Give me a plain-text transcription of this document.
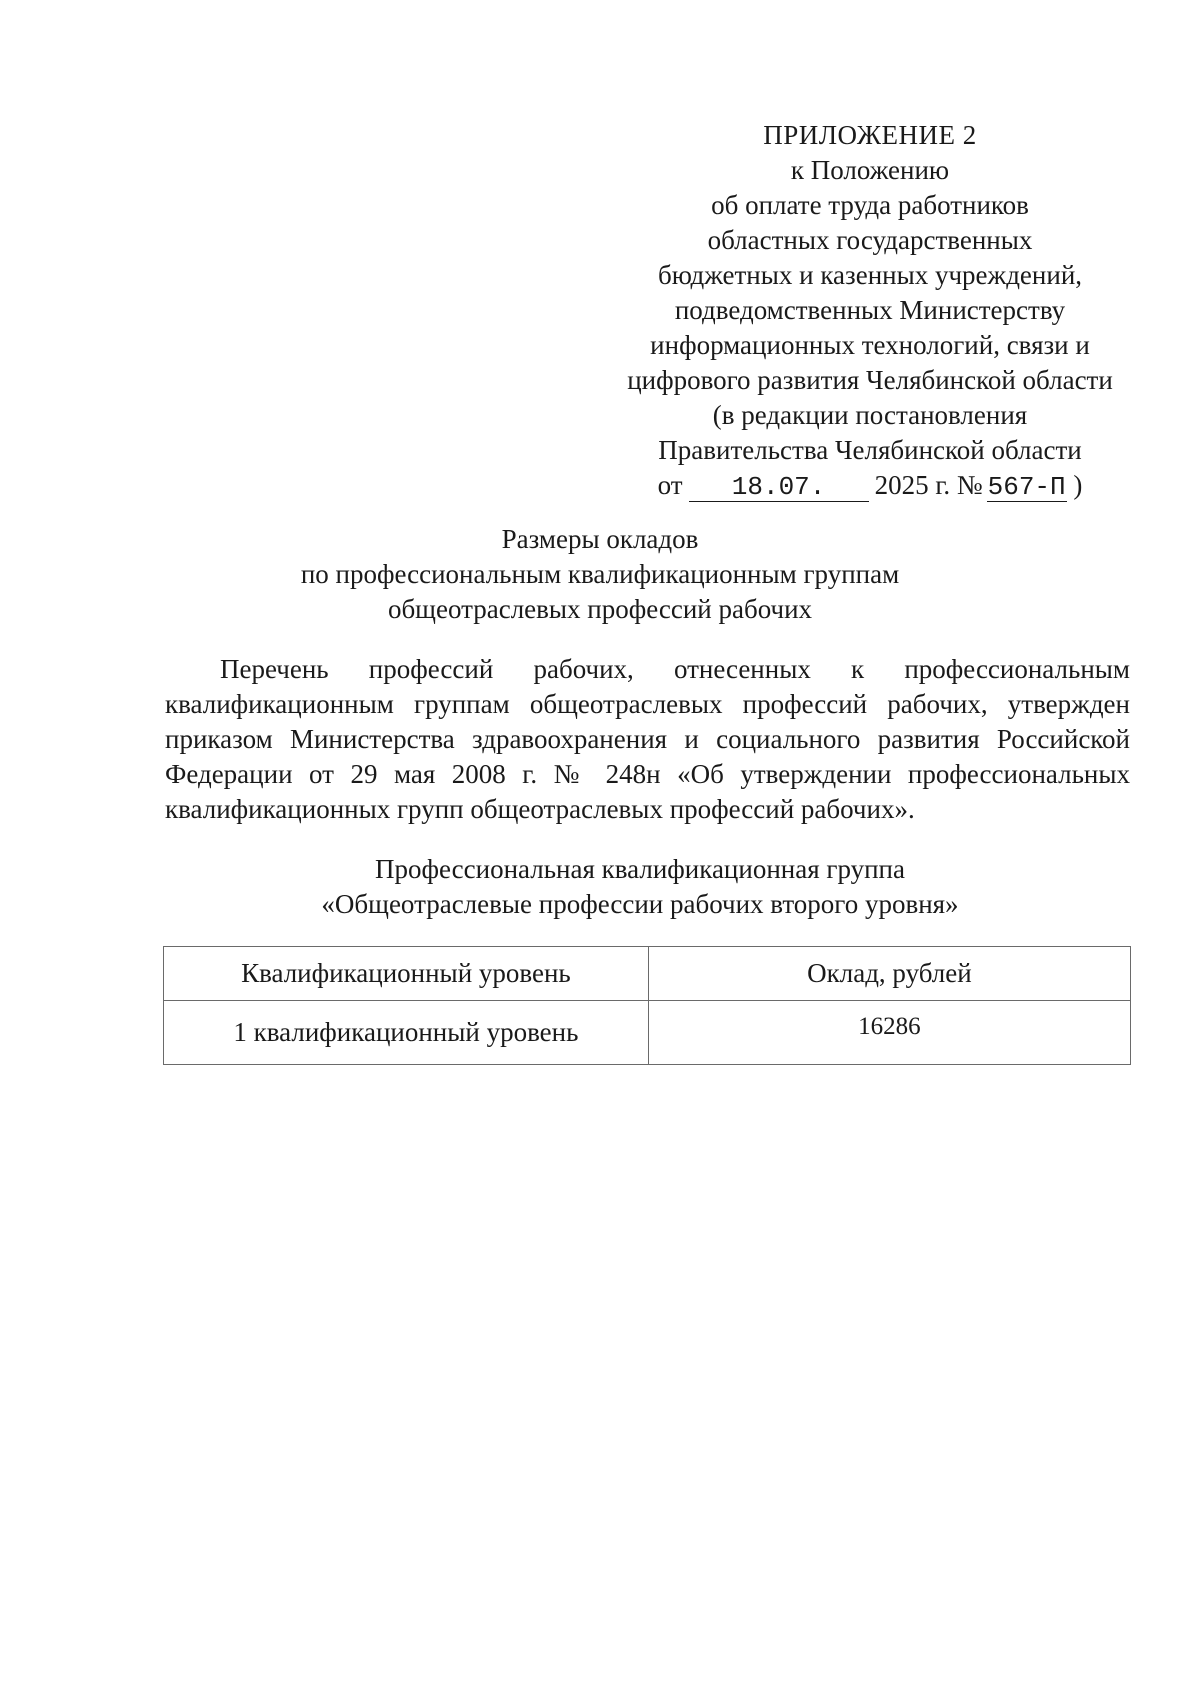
ПРИЛОЖЕНИЕ 2
к Положению
об оплате труда работников
областных государственных
бюджетных и казенных учреждений,
подведомственных Министерству
информационных технологий, связи и
цифрового развития Челябинской области
(в редакции постановления
Правительства Челябинской области
от 18.07. 2025 г. № 567-П )
Размеры окладов
по профессиональным квалификационным группам
общеотраслевых профессий рабочих
Перечень профессий рабочих, отнесенных к профессиональным квалификационным группам общеотраслевых профессий рабочих, утвержден приказом Министерства здравоохранения и социального развития Российской Федерации от 29 мая 2008 г. № 248н «Об утверждении профессиональных квалификационных групп общеотраслевых профессий рабочих».
Профессиональная квалификационная группа
«Общеотраслевые профессии рабочих второго уровня»
Квалификационный уровень	Оклад, рублей
1 квалификационный уровень	16286
